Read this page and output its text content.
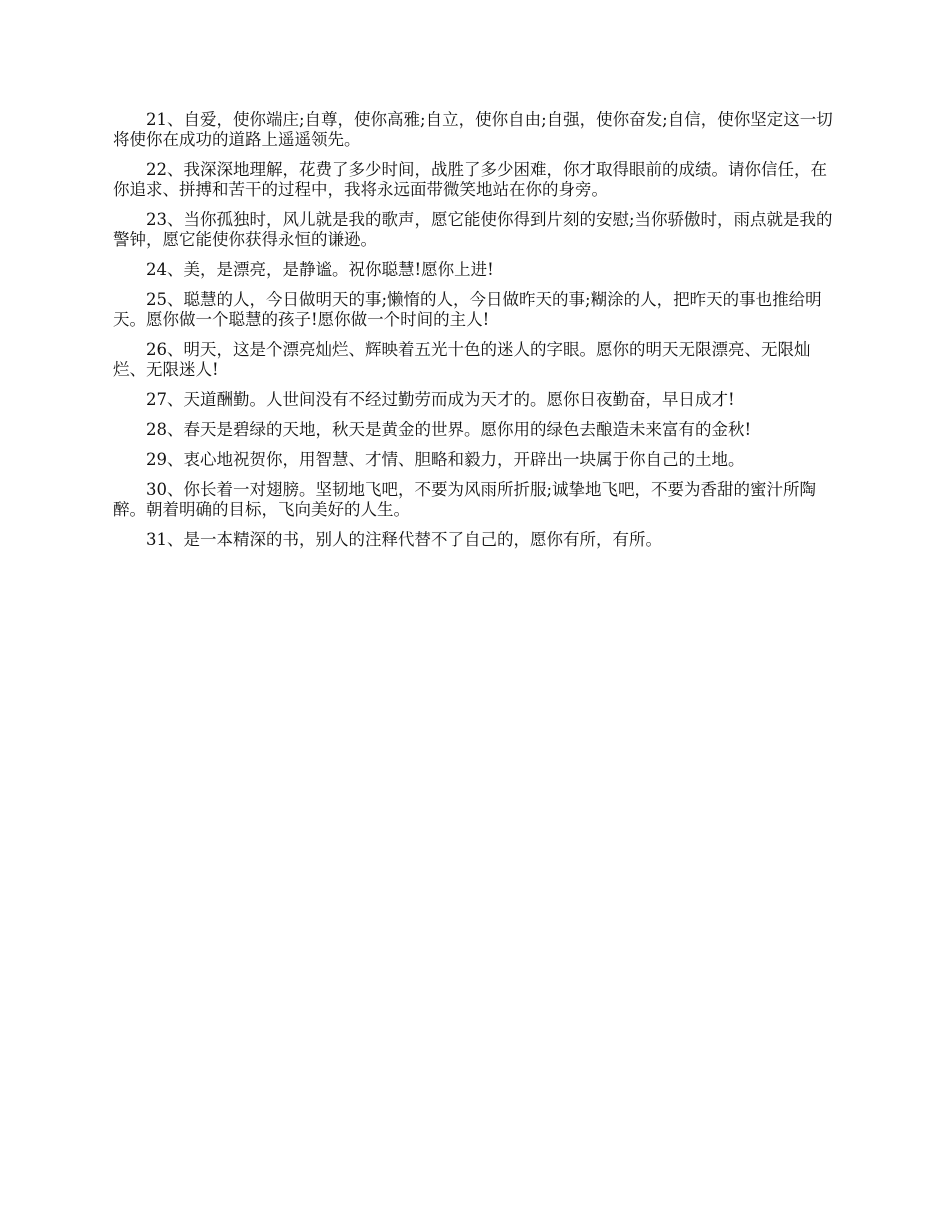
21、自爱，使你端庄;自尊，使你高雅;自立，使你自由;自强，使你奋发;自信，使你坚定这一切将使你在成功的道路上遥遥领先。

22、我深深地理解，花费了多少时间，战胜了多少困难，你才取得眼前的成绩。请你信任，在你追求、拼搏和苦干的过程中，我将永远面带微笑地站在你的身旁。

23、当你孤独时，风儿就是我的歌声，愿它能使你得到片刻的安慰;当你骄傲时，雨点就是我的警钟，愿它能使你获得永恒的谦逊。

24、美，是漂亮，是静谧。祝你聪慧!愿你上进!

25、聪慧的人，今日做明天的事;懒惰的人，今日做昨天的事;糊涂的人，把昨天的事也推给明天。愿你做一个聪慧的孩子!愿你做一个时间的主人!

26、明天，这是个漂亮灿烂、辉映着五光十色的迷人的字眼。愿你的明天无限漂亮、无限灿烂、无限迷人!

27、天道酬勤。人世间没有不经过勤劳而成为天才的。愿你日夜勤奋，早日成才!

28、春天是碧绿的天地，秋天是黄金的世界。愿你用的绿色去酿造未来富有的金秋!

29、衷心地祝贺你，用智慧、才情、胆略和毅力，开辟出一块属于你自己的土地。

30、你长着一对翅膀。坚韧地飞吧，不要为风雨所折服;诚挚地飞吧，不要为香甜的蜜汁所陶醉。朝着明确的目标，飞向美好的人生。

31、是一本精深的书，别人的注释代替不了自己的，愿你有所，有所。
